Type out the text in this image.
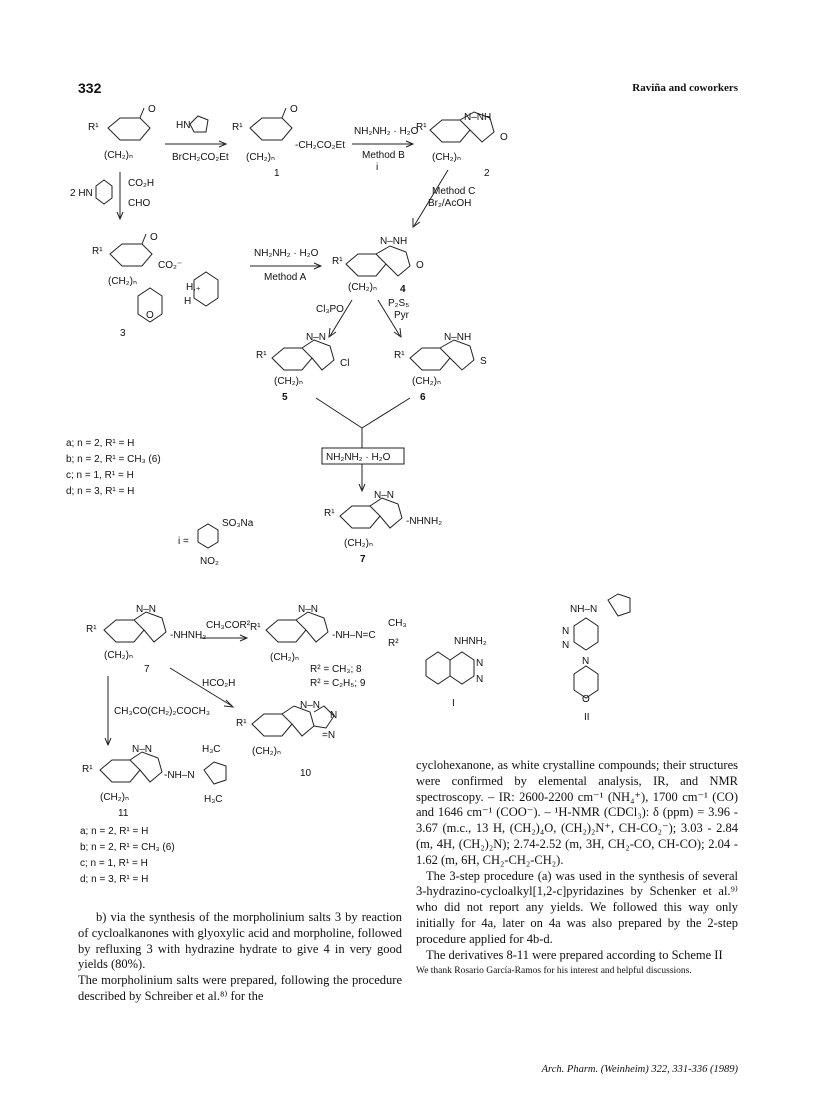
332	Raviña and coworkers
R¹
O
(CH₂)ₙ
HN
BrCH₂CO₂Et
R¹
O
-CH₂CO₂Et
(CH₂)ₙ
1
NH₂NH₂ · H₂O
Method B
i
R¹
N–NH
O
(CH₂)ₙ
2
Method C
Br₂/AcOH
2 HN
CO₂H
CHO
R¹
O
CO₂⁻
(CH₂)ₙ
H‚₊
H
O
3
NH₂NH₂ · H₂O
Method A
R¹
N–NH
O
(CH₂)ₙ 4
Cl₃PO
P₂S₅
Pyr
R¹
N–N
Cl
(CH₂)ₙ
5
R¹
N–NH
S
(CH₂)ₙ
6
NH₂NH₂ · H₂O
R¹
N–N
-NHNH₂
(CH₂)ₙ
7
i =
SO₃Na
NO₂
R¹
N–N
-NHNH₂
(CH₂)ₙ
7
CH₃COR² R¹
N–N
-NH–N=C
CH₃
R²
(CH₂)ₙ
R² = CH₃; 8
R² = C₂H₅; 9
NHNH₂
N
N
I
NH–N
N
N
N
O
II
HCO₂H
R¹
N–N
N
=N
(CH₂)ₙ
10
CH₃CO(CH₂)₂COCH₃
R¹
N–N
-NH–N
H₃C
H₃C
(CH₂)ₙ
11
a; n = 2, R¹ = H
b; n = 2, R¹ = CH₃ (6)
c; n = 1, R¹ = H
d; n = 3, R¹ = H
a; n = 2, R¹ = H
b; n = 2, R¹ = CH₃ (6)
c; n = 1, R¹ = H
d; n = 3, R¹ = H

b) via the synthesis of the morpholinium salts 3 by reaction of cycloalkanones with glyoxylic acid and morpholine, followed by refluxing 3 with hydrazine hydrate to give 4 in very good yields (80%).

The morpholinium salts were prepared, following the procedure described by Schreiber et al.⁸⁾ for the

cyclohexanone, as white crystalline compounds; their structures were confirmed by elemental analysis, IR, and NMR spectroscopy. – IR: 2600-2200 cm⁻¹ (NH₄⁺), 1700 cm⁻¹ (CO) and 1646 cm⁻¹ (COO⁻). – ¹H-NMR (CDCl₃): δ (ppm) = 3.96 - 3.67 (m.c., 13 H, (CH₂)₄O, (CH₂)₂N⁺, CH-CO₂⁻); 3.03 - 2.84 (m, 4H, (CH₂)₂N); 2.74-2.52 (m, 3H, CH₂-CO, CH-CO); 2.04 - 1.62 (m, 6H, CH₂-CH₂-CH₂).

The 3-step procedure (a) was used in the synthesis of several 3-hydrazino-cycloalkyl[1,2-c]pyridazines by Schenker et al.⁹⁾ who did not report any yields. We followed this way only initially for 4a, later on 4a was also prepared by the 2-step procedure applied for 4b-d.

The derivatives 8-11 were prepared according to Scheme II

We thank Rosario García-Ramos for his interest and helpful discussions.

Arch. Pharm. (Weinheim) 322, 331-336 (1989)
